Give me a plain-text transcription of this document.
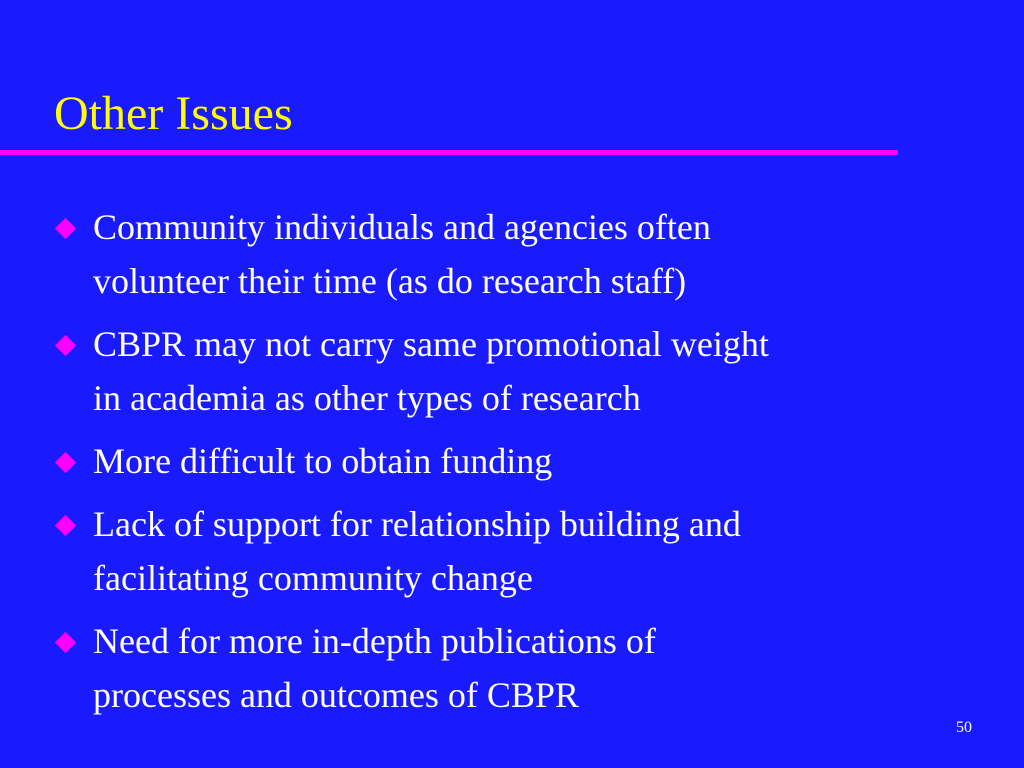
Other Issues
Community individuals and agencies often
volunteer their time (as do research staff)
CBPR may not carry same promotional weight
in academia as other types of research
More difficult to obtain funding
Lack of support for relationship building and
facilitating community change
Need for more in-depth publications of
processes and outcomes of CBPR
50
